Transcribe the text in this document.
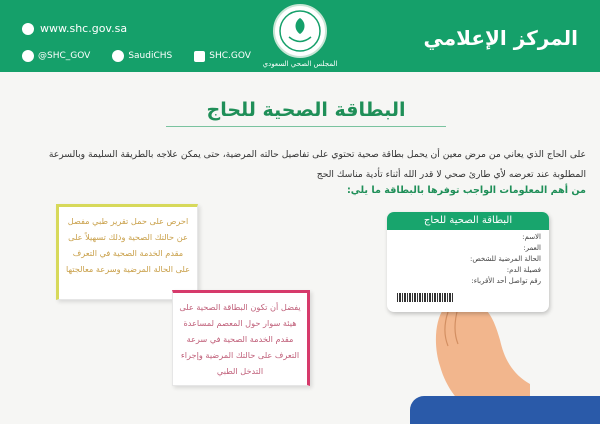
المركز الإعلامي
www.shc.gov.sa
@SHC_GOV	SaudiCHS	SHC.GOV
المجلس الصحي السعودي
البطاقة الصحية للحاج
على الحاج الذي يعاني من مرض معين أن يحمل بطاقة صحية تحتوي على تفاصيل حالته المرضية، حتى يمكن علاجه بالطريقة السليمة وبالسرعة المطلوبة عند تعرضه لأي طارئ صحي لا قدر الله أثناء تأدية مناسك الحج
من أهم المعلومات الواجب توفرها بالبطاقة ما يلي:

احرص على حمل تقرير طبي مفصل عن حالتك الصحية وذلك تسهيلاً على مقدم الخدمة الصحية في التعرف على الحالة المرضية وسرعة معالجتها

يفضل أن تكون البطاقة الصحية على هيئة سوار حول المعصم لمساعدة مقدم الخدمة الصحية في سرعة التعرف على حالتك المرضية وإجراء التدخل الطبي

البطاقة الصحية للحاج
الاسم:
العمر:
الحالة المرضية للشخص:
فصيلة الدم:
رقم تواصل أحد الأقرباء:
